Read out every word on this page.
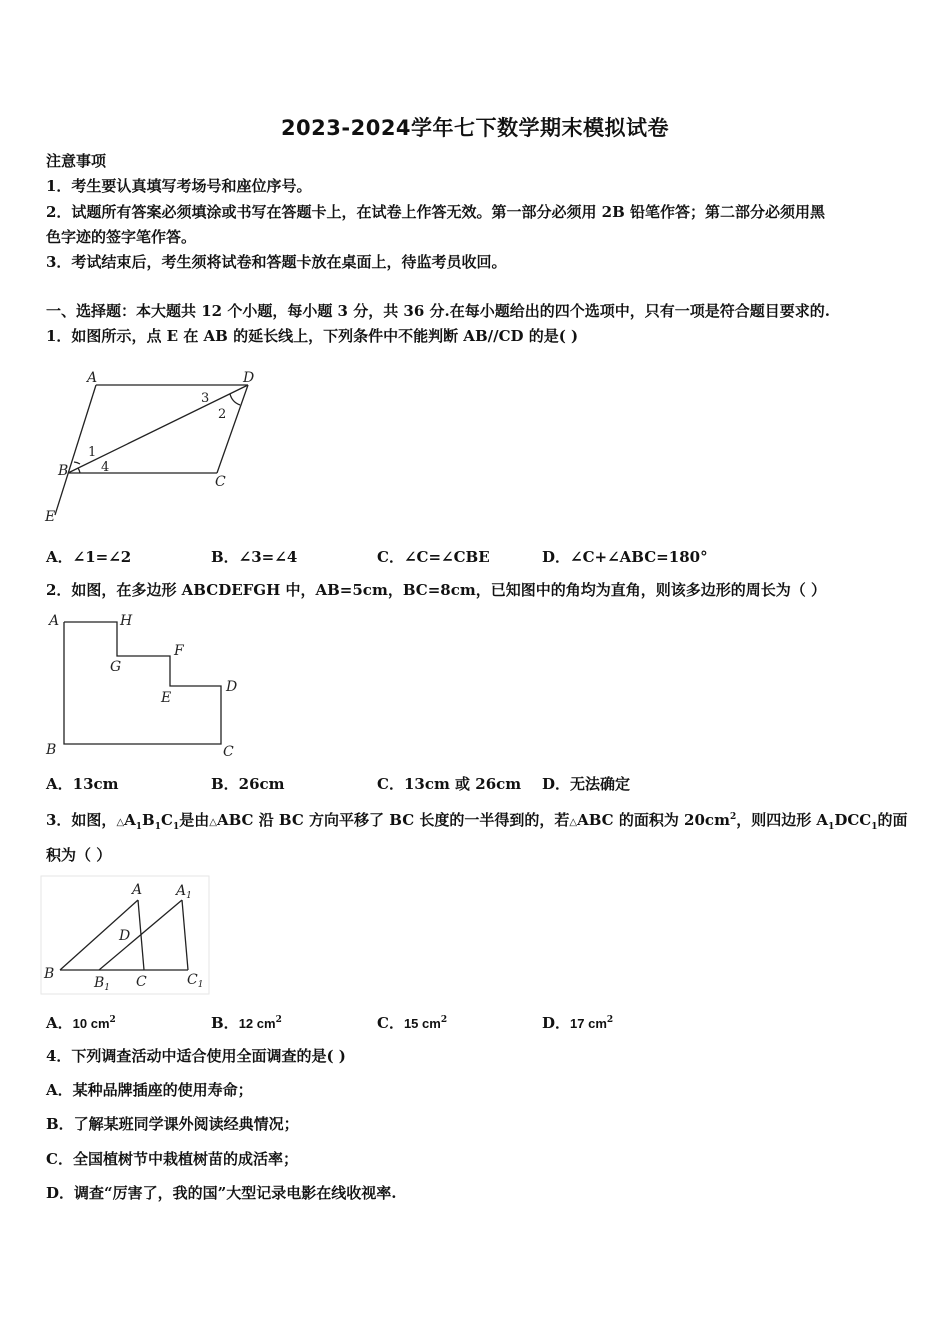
2023-2024学年七下数学期末模拟试卷
注意事项
1．考生要认真填写考场号和座位序号。
2．试题所有答案必须填涂或书写在答题卡上，在试卷上作答无效。第一部分必须用 2B 铅笔作答；第二部分必须用黑
色字迹的签字笔作答。
3．考试结束后，考生须将试卷和答题卡放在桌面上，待监考员收回。
一、选择题：本大题共 12 个小题，每小题 3 分，共 36 分.在每小题给出的四个选项中，只有一项是符合题目要求的.
1．如图所示，点 E 在 AB 的延长线上，下列条件中不能判断 AB//CD 的是( )
A	D
B
C
E
1
2
3
4
A．∠1=∠2	B．∠3=∠4	C．∠C=∠CBE	D．∠C+∠ABC=180°
2．如图，在多边形 ABCDEFGH 中，AB=5cm，BC=8cm，已知图中的角均为直角，则该多边形的周长为（ ）
A	H
G
F
E
D
B	C
A．13cm	B．26cm	C．13cm 或 26cm D．无法确定
3．如图，$\triangle A_1B_1C_1$是由△ABC 沿 BC 方向平移了 BC 长度的一半得到的，若△ABC 的面积为 $20cm^2$，则四边形 $A_1DCC_1$的面
积为（ ）
A $A_1$
D
B
$B_1$ C	$C_1$
A．10 $cm^2$	B．12 $cm^2$	C．15 $cm^2$	D．17 $cm^2$
4．下列调查活动中适合使用全面调查的是( )
A．某种品牌插座的使用寿命；
B．了解某班同学课外阅读经典情况；
C．全国植树节中栽植树苗的成活率；
D．调查“厉害了，我的国”大型记录电影在线收视率.
